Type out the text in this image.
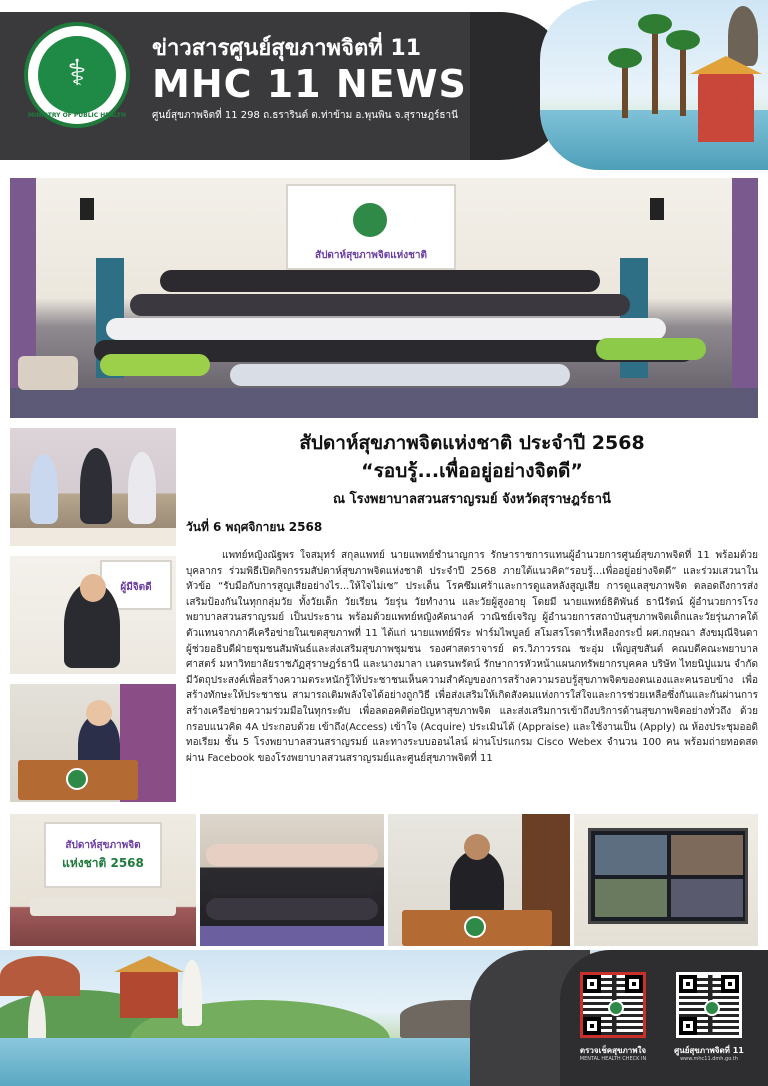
⚕
MINISTRY OF PUBLIC HEALTH
ข่าวสารศูนย์สุขภาพจิตที่ 11
MHC 11 NEWS
ศูนย์สุขภาพจิตที่ 11 298 ถ.ธรารินต์ ต.ท่าข้าม อ.พุนพิน จ.สุราษฎร์ธานี
สัปดาห์สุขภาพจิตแห่งชาติ
ผู้มีจิตดี
สัปดาห์สุขภาพจิตแห่งชาติ ประจำปี 2568
“รอบรู้...เพื่ออยู่อย่างจิตดี”
ณ โรงพยาบาลสวนสราญรมย์ จังหวัดสุราษฎร์ธานี
วันที่ 6 พฤศจิกายน 2568
แพทย์หญิงณัฐพร ใจสมุทร์ สกุลแพทย์ นายแพทย์ชำนาญการ รักษาราชการแทนผู้อำนวยการศูนย์สุขภาพจิตที่ 11 พร้อมด้วยบุคลากร ร่วมพิธีเปิดกิจกรรมสัปดาห์สุขภาพจิตแห่งชาติ ประจำปี 2568 ภายใต้แนวคิด“รอบรู้...เพื่ออยู่อย่างจิตดี” และร่วมเสวนาในหัวข้อ “รับมือกับการสูญเสียอย่างไร...ให้ใจไม่เซ” ประเด็น โรคซึมเศร้าและการดูแลหลังสูญเสีย การดูแลสุขภาพจิต ตลอดถึงการส่งเสริมป้องกันในทุกกลุ่มวัย ทั้งวัยเด็ก วัยเรียน วัยรุ่น วัยทำงาน และวัยผู้สูงอายุ โดยมี นายแพทย์ธิติพันธ์ ธานีรัตน์ ผู้อำนวยการโรงพยาบาลสวนสราญรมย์ เป็นประธาน พร้อมด้วยแพทย์หญิงคัดนางค์ วาณิชย์เจริญ ผู้อำนวยการสถาบันสุขภาพจิตเด็กและวัยรุ่นภาคใต้ ตัวแทนจากภาคีเครือข่ายในเขตสุขภาพที่ 11 ได้แก่ นายแพทย์พีระ ฟาร์มไพบูลย์ สโมสรโรตารี่เหลืองกระบี่ ผศ.กฤษณา สังขมุณีจินดา ผู้ช่วยอธิบดีฝ่ายชุมชนสัมพันธ์และส่งเสริมสุขภาพชุมชน รองศาสตราจารย์ ดร.วิภาวรรณ ชะอุ่ม เพ็ญสุขสันต์ คณบดีคณะพยาบาลศาสตร์ มหาวิทยาลัยราชภัฏสุราษฎร์ธานี และนางมาลา เนตรนพรัตน์ รักษาการหัวหน้าแผนกทรัพยากรบุคคล บริษัท ไทยนิปูแมน จำกัด มีวัตถุประสงค์เพื่อสร้างความตระหนักรู้ให้ประชาชนเห็นความสำคัญของการสร้างความรอบรู้สุขภาพจิตของตนเองและคนรอบข้าง เพื่อสร้างทักษะให้ประชาชน สามารถเติมพลังใจได้อย่างถูกวิธี เพื่อส่งเสริมให้เกิดสังคมแห่งการใส่ใจและการช่วยเหลือซึ่งกันและกันผ่านการสร้างเครือข่ายความร่วมมือในทุกระดับ เพื่อลดอคติต่อปัญหาสุขภาพจิต และส่งเสริมการเข้าถึงบริการด้านสุขภาพจิตอย่างทั่วถึง ด้วยกรอบแนวคิด 4A ประกอบด้วย เข้าถึง(Access) เข้าใจ (Acquire) ประเมินได้ (Appraise) และใช้งานเป็น (Apply) ณ ห้องประชุมออดิทอเรียม ชั้น 5 โรงพยาบาลสวนสราญรมย์ และทางระบบออนไลน์ ผ่านโปรแกรม Cisco Webex จำนวน 100 คน พร้อมถ่ายทอดสดผ่าน Facebook ของโรงพยาบาลสวนสราญรมย์และศูนย์สุขภาพจิตที่ 11
สัปดาห์สุขภาพจิต
แห่งชาติ 2568
ตรวจเช็คสุขภาพใจ
MENTAL HEALTH CHECK IN
ศูนย์สุขภาพจิตที่ 11
www.mhc11.dmh.go.th
